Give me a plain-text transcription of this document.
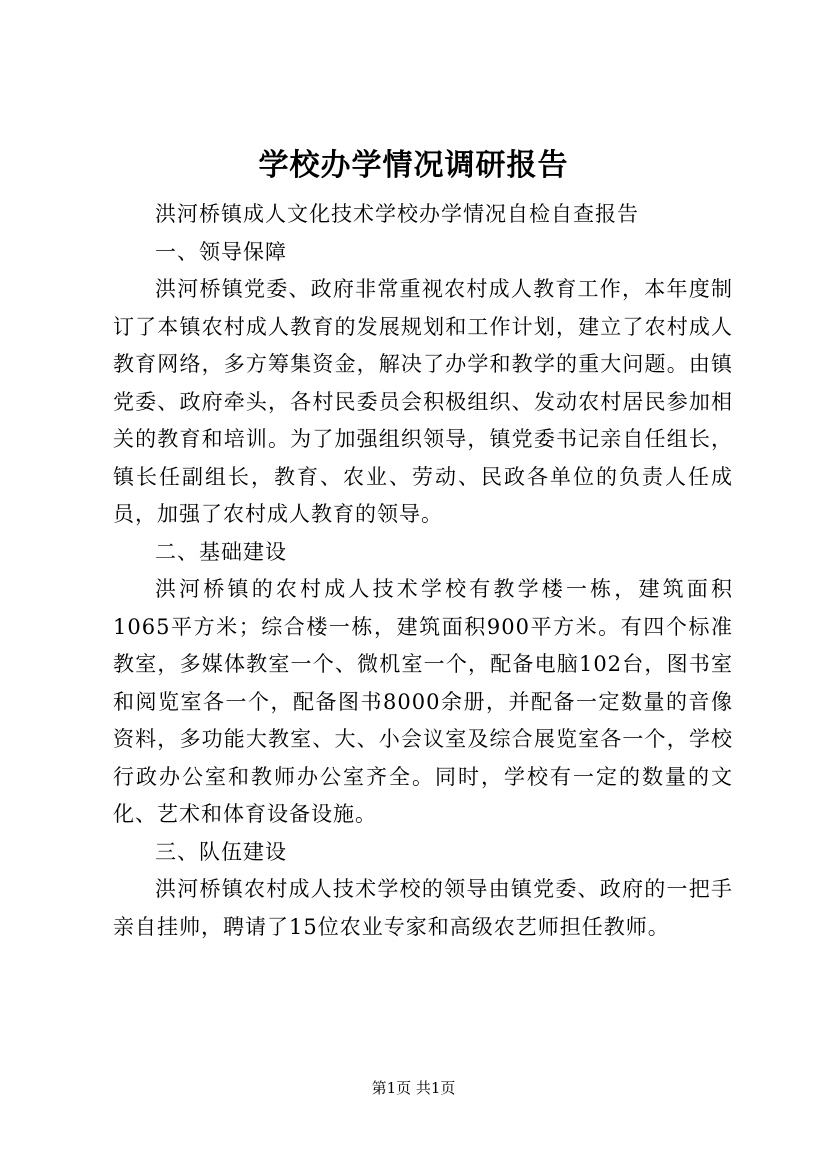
学校办学情况调研报告

洪河桥镇成人文化技术学校办学情况自检自查报告

一、领导保障

洪河桥镇党委、政府非常重视农村成人教育工作，本年度制订了本镇农村成人教育的发展规划和工作计划，建立了农村成人教育网络，多方筹集资金，解决了办学和教学的重大问题。由镇党委、政府牵头，各村民委员会积极组织、发动农村居民参加相关的教育和培训。为了加强组织领导，镇党委书记亲自任组长，镇长任副组长，教育、农业、劳动、民政各单位的负责人任成员，加强了农村成人教育的领导。

二、基础建设

洪河桥镇的农村成人技术学校有教学楼一栋，建筑面积1065平方米；综合楼一栋，建筑面积900平方米。有四个标准教室，多媒体教室一个、微机室一个，配备电脑102台，图书室和阅览室各一个，配备图书8000余册，并配备一定数量的音像资料，多功能大教室、大、小会议室及综合展览室各一个，学校行政办公室和教师办公室齐全。同时，学校有一定的数量的文化、艺术和体育设备设施。

三、队伍建设

洪河桥镇农村成人技术学校的领导由镇党委、政府的一把手亲自挂帅，聘请了15位农业专家和高级农艺师担任教师。

第1页 共1页
